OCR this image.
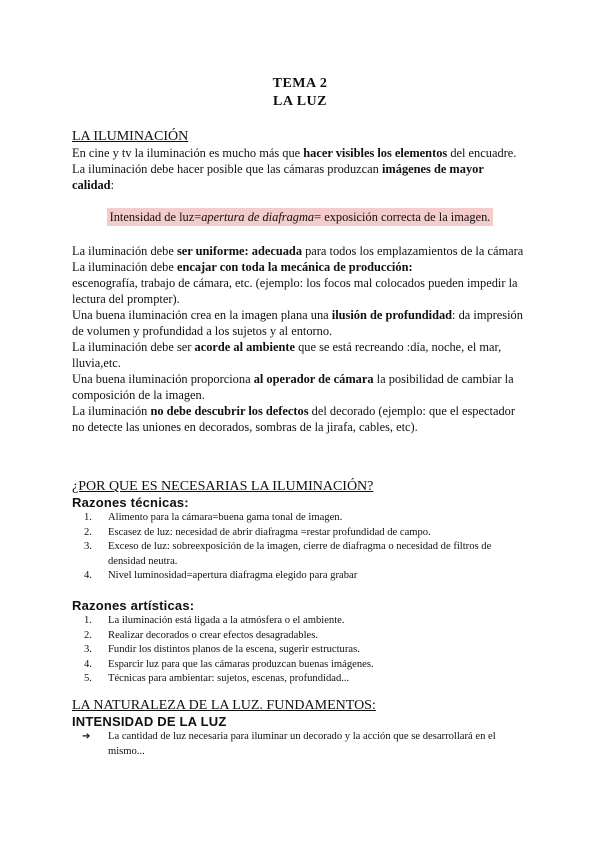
TEMA 2
LA LUZ
LA ILUMINACIÓN

En cine y tv la iluminación es mucho más que hacer visibles los elementos del encuadre.

La iluminación debe hacer posible que las cámaras produzcan imágenes de mayor calidad:

Intensidad de luz=apertura de diafragma= exposición correcta de la imagen.

La iluminación debe ser uniforme: adecuada para todos los emplazamientos de la cámara

La iluminación debe encajar con toda la mecánica de producción:

escenografía, trabajo de cámara, etc. (ejemplo: los focos mal colocados pueden impedir la lectura del prompter).

Una buena iluminación crea en la imagen plana una ilusión de profundidad: da impresión de volumen y profundidad a los sujetos y al entorno.

La iluminación debe ser acorde al ambiente que se está recreando :día, noche, el mar, lluvia,etc.

Una buena iluminación proporciona al operador de cámara la posibilidad de cambiar la composición de la imagen.

La iluminación no debe descubrir los defectos del decorado (ejemplo: que el espectador no detecte las uniones en decorados, sombras de la jirafa, cables, etc).

¿POR QUE ES NECESARIAS LA ILUMINACIÓN?
Razones técnicas:
1. Alimento para la cámara=buena gama tonal de imagen.
2. Escasez de luz: necesidad de abrir diafragma =restar profundidad de campo.
3. Exceso de luz: sobreexposición de la imagen, cierre de diafragma o necesidad de filtros de densidad neutra.
4. Nivel luminosidad=apertura diafragma elegido para grabar
Razones artísticas:
1. La iluminación está ligada a la atmósfera o el ambiente.
2. Realizar decorados o crear efectos desagradables.
3. Fundir los distintos planos de la escena, sugerir estructuras.
4. Esparcir luz para que las cámaras produzcan buenas imágenes.
5. Técnicas para ambientar: sujetos, escenas, profundidad...
LA NATURALEZA DE LA LUZ. FUNDAMENTOS:
INTENSIDAD DE LA LUZ
➔ La cantidad de luz necesaria para iluminar un decorado y la acción que se desarrollará en el mismo...
